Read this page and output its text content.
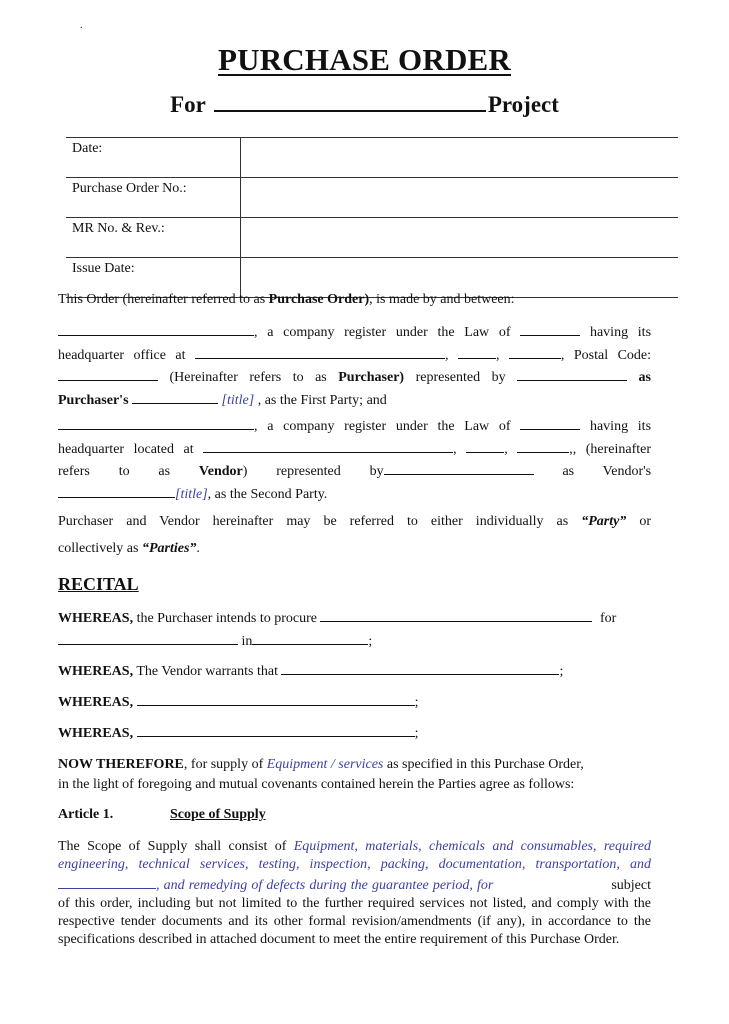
.
PURCHASE ORDER
For	Project
Date:	
Purchase Order No.:	
MR No. & Rev.:	
Issue Date:	
This Order (hereinafter referred to as Purchase Order), is made by and between:
, a company register under the Law of	having its
headquarter office at	,	,	, Postal Code:
(Hereinafter refers to as Purchaser) represented by	as
Purchaser's	[title] , as the First Party; and
, a company register under the Law of	having its
headquarter located at	,	,	,, (hereinafter
refers to as Vendor) represented by	as Vendor's
[title], as the Second Party.
Purchaser and Vendor hereinafter may be referred to either individually as “Party” or
collectively as “Parties”.
RECITAL
WHEREAS, the Purchaser intends to procure	for
in	;
WHEREAS, The Vendor warrants that	;
WHEREAS,	;
WHEREAS,	;
NOW THEREFORE, for supply of Equipment / services as specified in this Purchase Order,
in the light of foregoing and mutual covenants contained herein the Parties agree as follows:
Article 1.	Scope of Supply
The Scope of Supply shall consist of Equipment, materials, chemicals and consumables, required engineering, technical services, testing, inspection, packing, documentation, transportation, and , and remedying of defects during the guarantee period, for	subject of this order, including but not limited to the further required services not listed, and comply with the respective tender documents and its other formal revision/amendments (if any), in accordance to the specifications described in attached document to meet the entire requirement of this Purchase Order.
